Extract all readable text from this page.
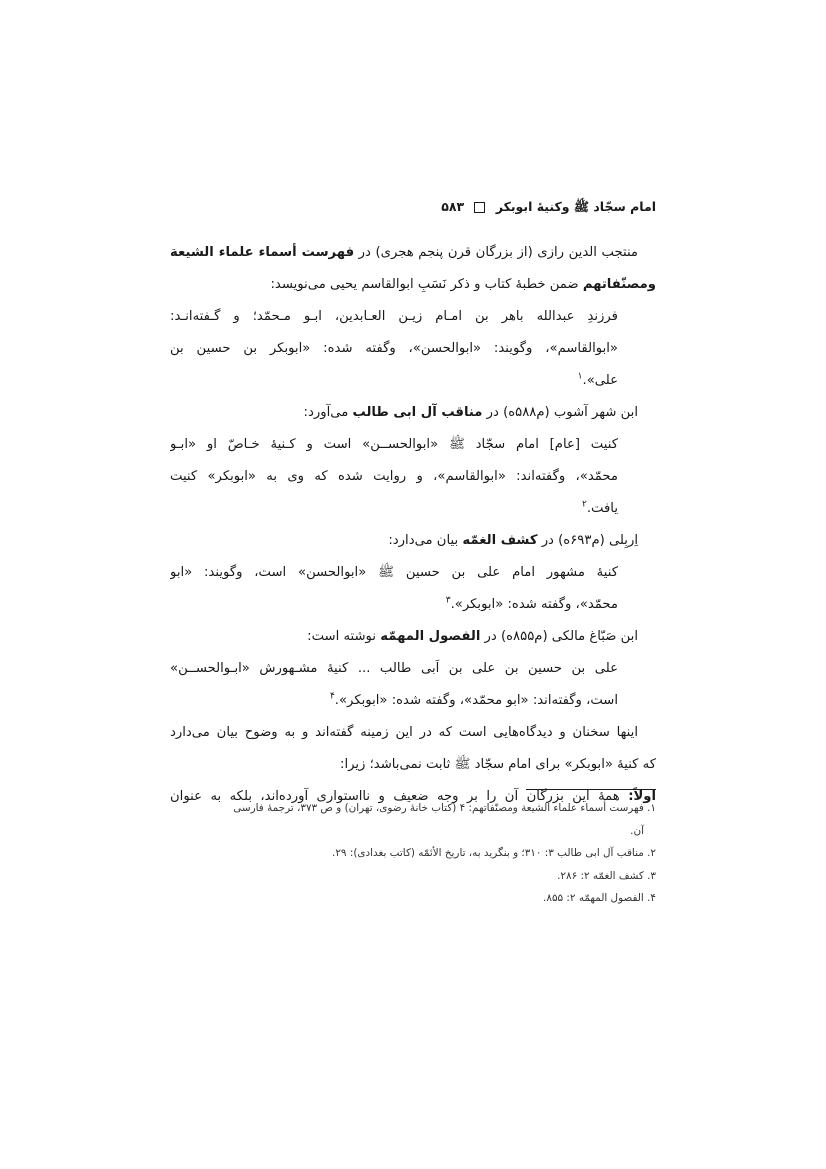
امام سجّاد ﷺ وکنیهٔ ابوبکر  ۵۸۳
منتجب الدین رازی (از بزرگان قرن پنجم هجری) در فهرست أسماء علماء الشیعة
ومصنّفاتهم ضمن خطبهٔ کتاب و ذکر نَسَبِ ابوالقاسم یحیی می‌نویسد:
فرزندِ عبدالله باهر بن امـام زیـن العـابدین، ابـو مـحمّد؛ و گـفته‌انـد:
«ابوالقاسم»، وگویند: «ابوالحسن»، وگفته شده: «ابوبکر بن حسین بن
علی».$^۱$
ابن شهر آشوب (م۵۸۸ه) در مناقب آل ابی طالب می‌آورد:
کنیت [عام] امام سجّاد ﷺ «ابوالحســن» است و کـنیهٔ خـاصّ او «ابـو
محمّد»، وگفته‌اند: «ابوالقاسم»، و روایت شده که وی به «ابوبکر» کنیت
یافت.$^۲$
اِربِلی (م۶۹۳ه) در کشف الغمّه بیان می‌دارد:
کنیهٔ مشهور امام علی بن حسین ﷺ «ابوالحسن» است، وگویند: «ابو
محمّد»، وگفته شده: «ابوبکر».$^۳$
ابن صَبّاغ مالکی (م۸۵۵ه) در الفصول المهمّه نوشته است:
علی بن حسین بن علی بن اَبی طالب ... کنیهٔ مشـهورش «ابـوالحســن»
است، وگفته‌اند: «ابو محمّد»، وگفته شده: «ابوبکر».$^۴$
اینها سخنان و دیدگاه‌هایی است که در این زمینه گفته‌اند و به وضوح بیان می‌دارد
که کنیهٔ «ابوبکر» برای امام سجّاد ﷺ ثابت نمی‌باشد؛ زیرا:
اولاً: همهٔ این بزرگان آن را بر وجه ضعیف و نااستواری آورده‌اند، بلکه به عنوان
۱. فهرست أسماء علماء الشیعة ومصنّفاتهم: ۴ (کتاب خانهٔ رضوی، تهران) و ص ۳۷۳، ترجمهٔ فارسی
آن.
۲. مناقب آل ابی طالب ۳: ۳۱۰؛ و بنگرید به، تاریخ الأئمّه (کاتب بغدادی): ۲۹.
۳. کشف الغمّه ۲: ۲۸۶.
۴. الفصول المهمّه ۲: ۸۵۵.
